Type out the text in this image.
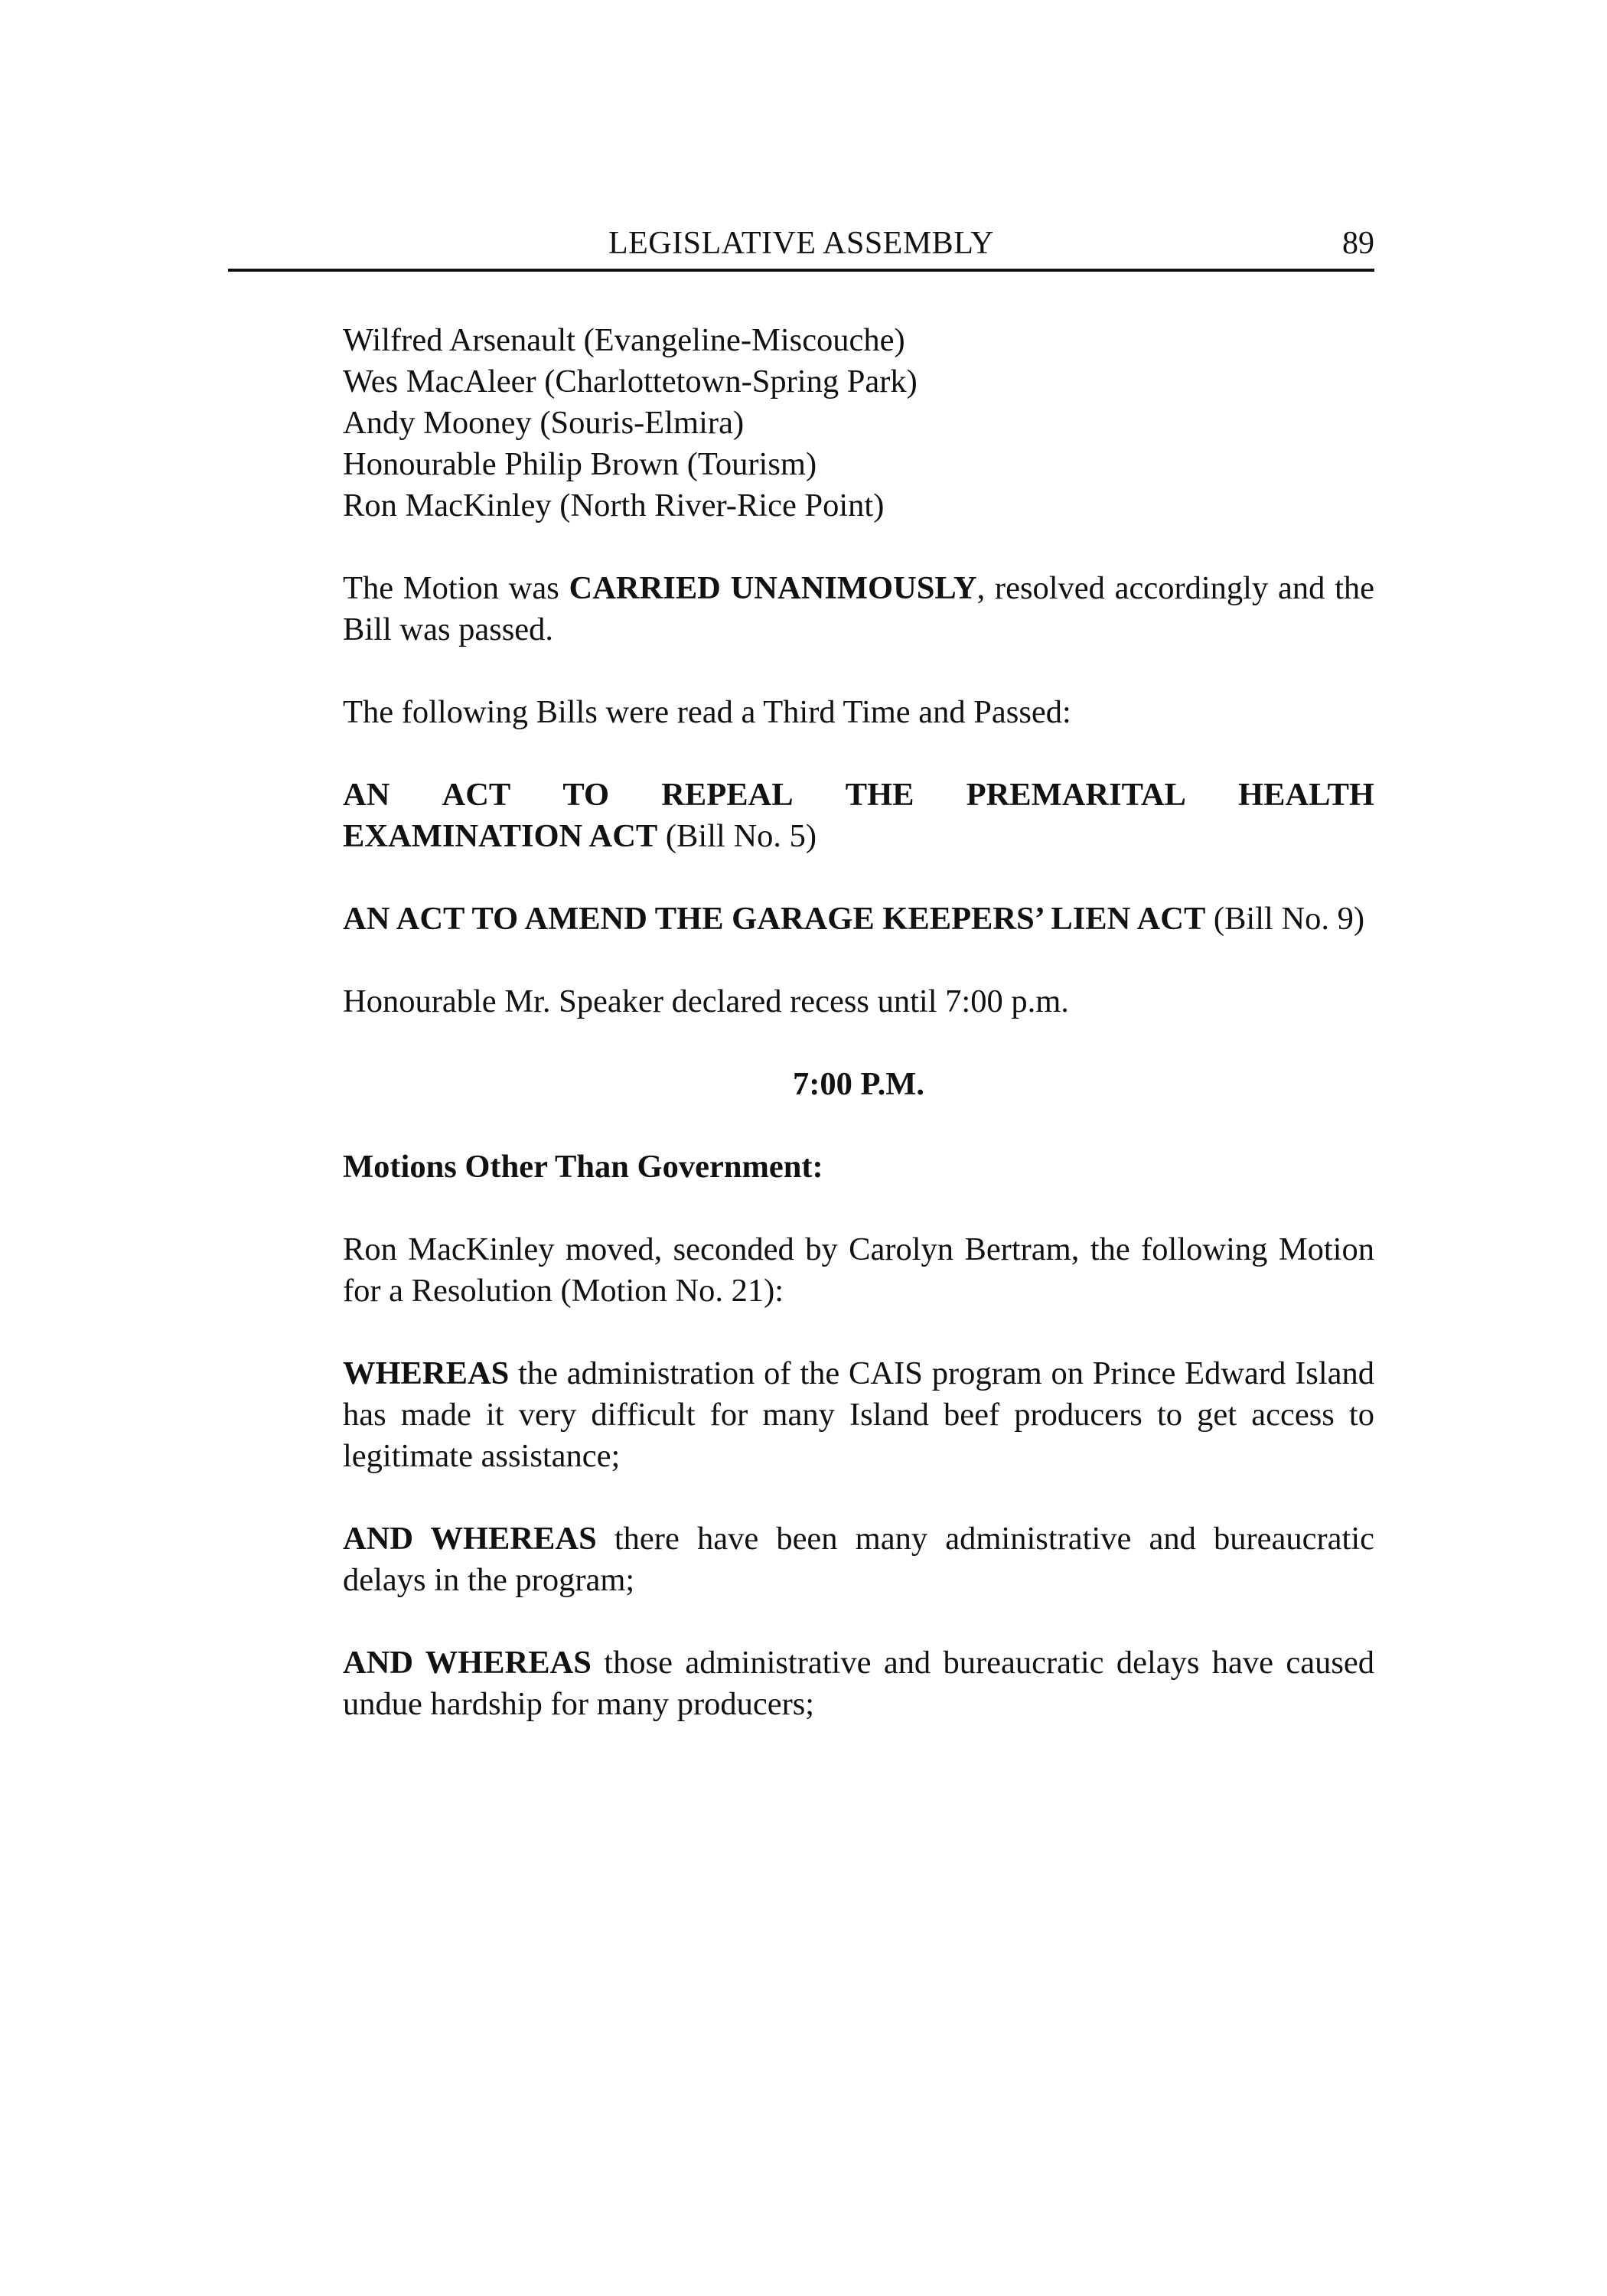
LEGISLATIVE ASSEMBLY	89

Wilfred Arsenault (Evangeline-Miscouche)

Wes MacAleer (Charlottetown-Spring Park)

Andy Mooney (Souris-Elmira)

Honourable Philip Brown (Tourism)

Ron MacKinley (North River-Rice Point)

The Motion was CARRIED UNANIMOUSLY, resolved accordingly and the Bill was passed.

The following Bills were read a Third Time and Passed:

AN ACT TO REPEAL THE PREMARITAL HEALTH
EXAMINATION ACT (Bill No. 5)

AN ACT TO AMEND THE GARAGE KEEPERS’ LIEN ACT (Bill No. 9)

Honourable Mr. Speaker declared recess until 7:00 p.m.

7:00 P.M.

Motions Other Than Government:

Ron MacKinley moved, seconded by Carolyn Bertram, the following Motion for a Resolution (Motion No. 21):

WHEREAS the administration of the CAIS program on Prince Edward Island has made it very difficult for many Island beef producers to get access to legitimate assistance;

AND WHEREAS there have been many administrative and bureaucratic delays in the program;

AND WHEREAS those administrative and bureaucratic delays have caused undue hardship for many producers;
